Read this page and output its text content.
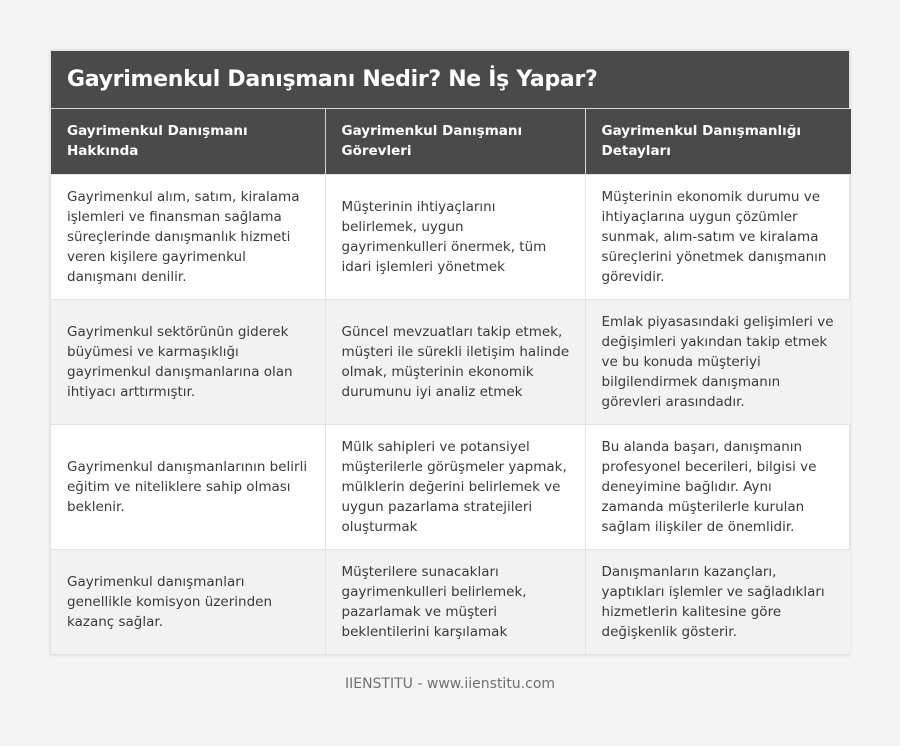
Gayrimenkul Danışmanı Nedir? Ne İş Yapar?
Gayrimenkul Danışmanı Hakkında	Gayrimenkul Danışmanı Görevleri	Gayrimenkul Danışmanlığı Detayları
Gayrimenkul alım, satım, kiralama işlemleri ve finansman sağlama süreçlerinde danışmanlık hizmeti veren kişilere gayrimenkul danışmanı denilir.	Müşterinin ihtiyaçlarını belirlemek, uygun gayrimenkulleri önermek, tüm idari işlemleri yönetmek	Müşterinin ekonomik durumu ve ihtiyaçlarına uygun çözümler sunmak, alım-satım ve kiralama süreçlerini yönetmek danışmanın görevidir.
Gayrimenkul sektörünün giderek büyümesi ve karmaşıklığı gayrimenkul danışmanlarına olan ihtiyacı arttırmıştır.	Güncel mevzuatları takip etmek, müşteri ile sürekli iletişim halinde olmak, müşterinin ekonomik durumunu iyi analiz etmek	Emlak piyasasındaki gelişimleri ve değişimleri yakından takip etmek ve bu konuda müşteriyi bilgilendirmek danışmanın görevleri arasındadır.
Gayrimenkul danışmanlarının belirli eğitim ve niteliklere sahip olması beklenir.	Mülk sahipleri ve potansiyel müşterilerle görüşmeler yapmak, mülklerin değerini belirlemek ve uygun pazarlama stratejileri oluşturmak	Bu alanda başarı, danışmanın profesyonel becerileri, bilgisi ve deneyimine bağlıdır. Aynı zamanda müşterilerle kurulan sağlam ilişkiler de önemlidir.
Gayrimenkul danışmanları genellikle komisyon üzerinden kazanç sağlar.	Müşterilere sunacakları gayrimenkulleri belirlemek, pazarlamak ve müşteri beklentilerini karşılamak	Danışmanların kazançları, yaptıkları işlemler ve sağladıkları hizmetlerin kalitesine göre değişkenlik gösterir.
IIENSTITU - www.iienstitu.com
